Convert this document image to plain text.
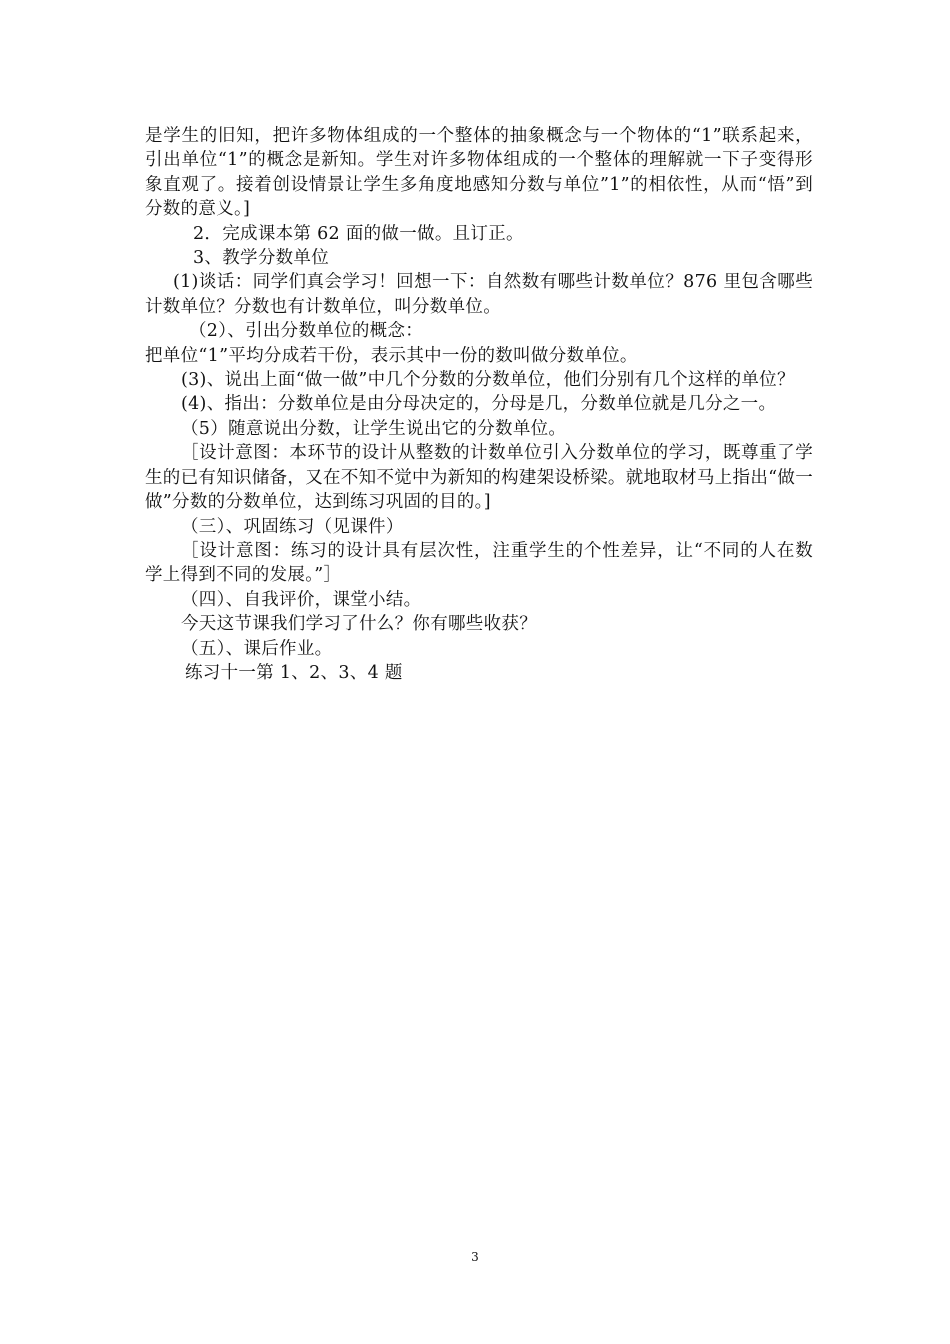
是学生的旧知，把许多物体组成的一个整体的抽象概念与一个物体的“1”联系起来，引出单位“1”的概念是新知。学生对许多物体组成的一个整体的理解就一下子变得形象直观了。接着创设情景让学生多角度地感知分数与单位”1”的相依性，从而“悟”到分数的意义。]

2．完成课本第 62 面的做一做。且订正。

3、教学分数单位

(1)谈话：同学们真会学习！回想一下：自然数有哪些计数单位？876 里包含哪些计数单位？分数也有计数单位，叫分数单位。

（2）、引出分数单位的概念：

把单位“1”平均分成若干份，表示其中一份的数叫做分数单位。

(3)、说出上面“做一做”中几个分数的分数单位，他们分别有几个这样的单位？

(4)、指出：分数单位是由分母决定的，分母是几，分数单位就是几分之一。

（5）随意说出分数，让学生说出它的分数单位。

［设计意图：本环节的设计从整数的计数单位引入分数单位的学习，既尊重了学生的已有知识储备，又在不知不觉中为新知的构建架设桥梁。就地取材马上指出“做一做”分数的分数单位，达到练习巩固的目的。]

（三）、巩固练习（见课件）

［设计意图：练习的设计具有层次性，注重学生的个性差异，让“不同的人在数学上得到不同的发展。”］

（四）、自我评价，课堂小结。

今天这节课我们学习了什么？你有哪些收获？

（五）、课后作业。

练习十一第 1、2、3、4 题

3
